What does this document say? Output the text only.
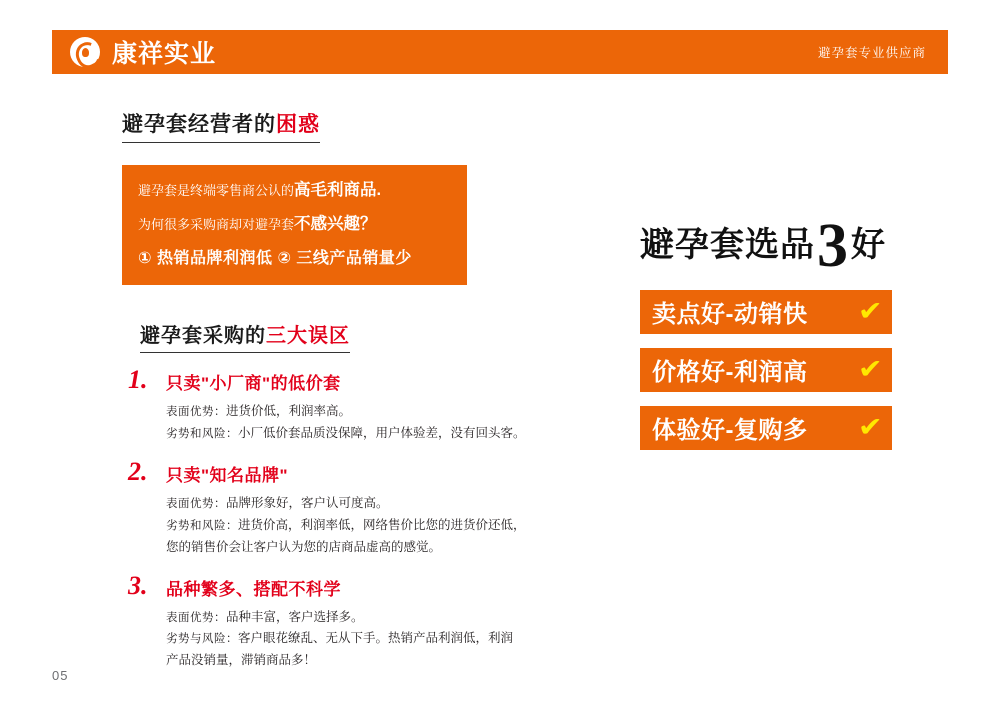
康祥实业	避孕套专业供应商
避孕套经营者的困惑

避孕套是终端零售商公认的高毛利商品.

为何很多采购商却对避孕套不感兴趣？

① 热销品牌利润低 ② 三线产品销量少

避孕套采购的三大误区
1. 只卖"小厂商"的低价套
表面优势：进货价低，利润率高。
劣势和风险：小厂低价套品质没保障，用户体验差，没有回头客。
2. 只卖"知名品牌"
表面优势：品牌形象好，客户认可度高。
劣势和风险：进货价高，利润率低，网络售价比您的进货价还低，
您的销售价会让客户认为您的店商品虚高的感觉。
3. 品种繁多、搭配不科学
表面优势：品种丰富，客户选择多。
劣势与风险：客户眼花缭乱、无从下手。热销产品利润低，利润
产品没销量，滞销商品多！
避孕套选品3好
卖点好-动销快 ✔
价格好-利润高 ✔
体验好-复购多 ✔
05
